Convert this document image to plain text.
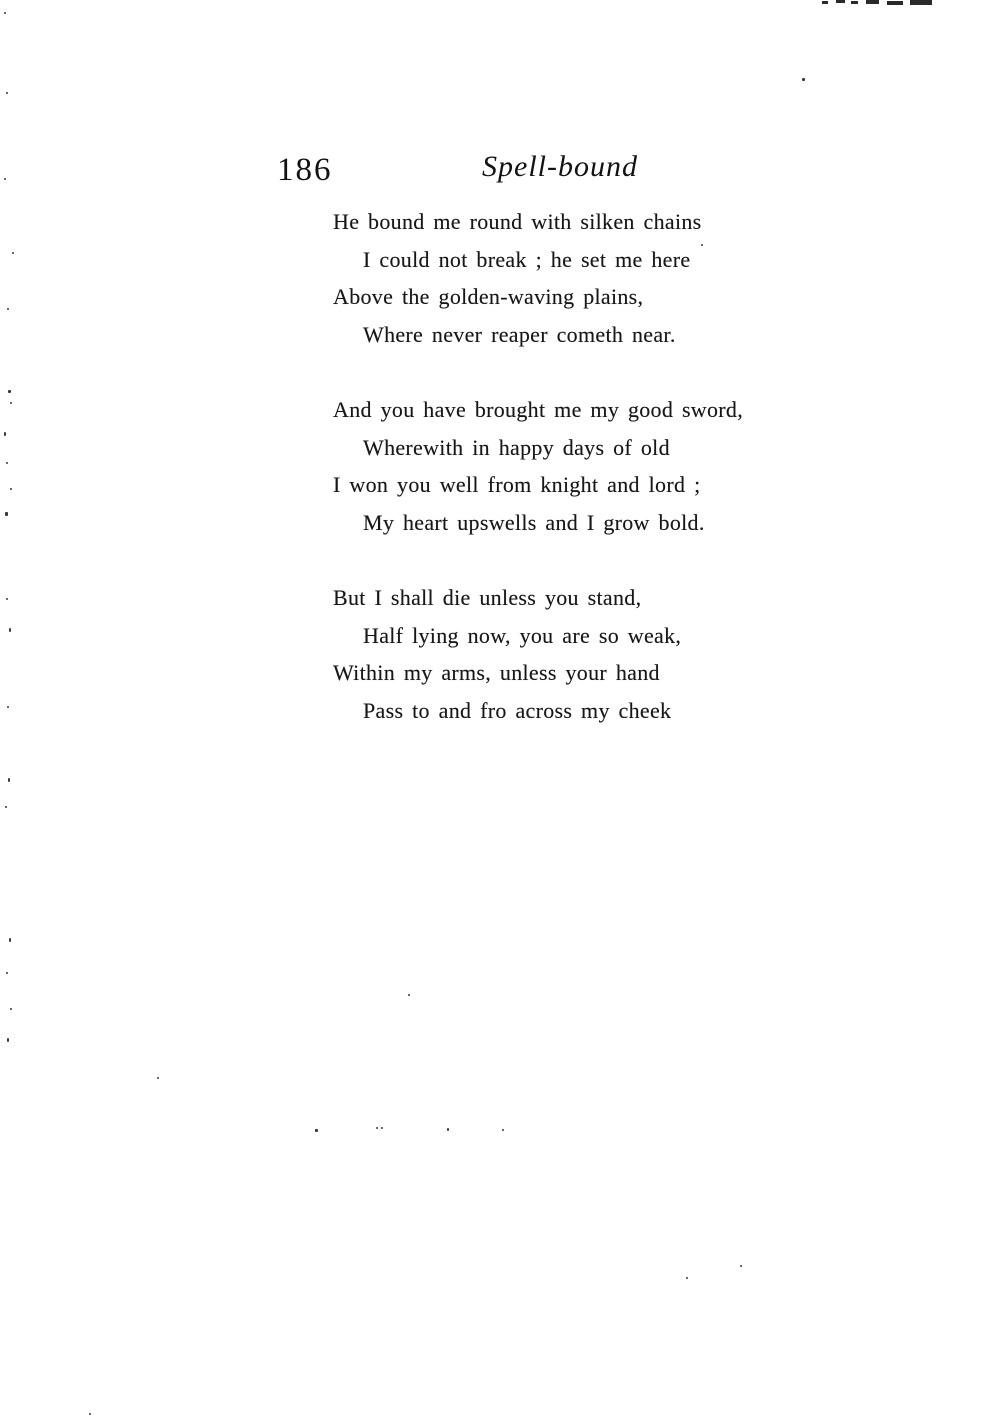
186	Spell-bound
He bound me round with silken chains
I could not break ; he set me here
Above the golden-waving plains,
Where never reaper cometh near.
And you have brought me my good sword,
Wherewith in happy days of old
I won you well from knight and lord ;
My heart upswells and I grow bold.
But I shall die unless you stand,
Half lying now, you are so weak,
Within my arms, unless your hand
Pass to and fro across my cheek
